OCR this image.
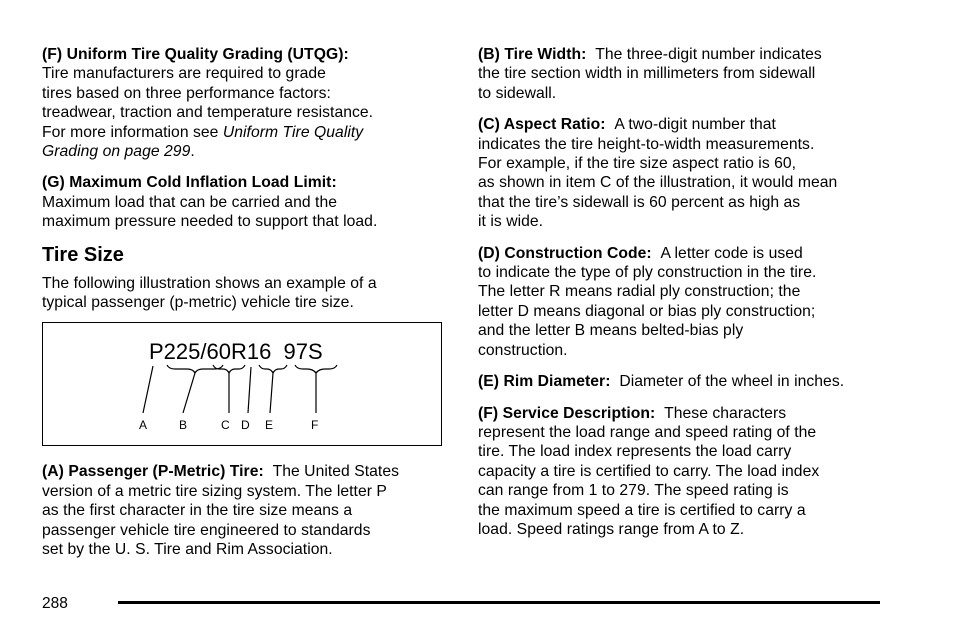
(F) Uniform Tire Quality Grading (UTQG):
Tire manufacturers are required to grade
tires based on three performance factors:
treadwear, traction and temperature resistance.
For more information see Uniform Tire Quality
Grading on page 299.

(G) Maximum Cold Inflation Load Limit:
Maximum load that can be carried and the
maximum pressure needed to support that load.

Tire Size

The following illustration shows an example of a
typical passenger (p-metric) vehicle tire size.

P225/60R16  97S
A	B	C D E	F

(A) Passenger (P-Metric) Tire: The United States
version of a metric tire sizing system. The letter P
as the first character in the tire size means a
passenger vehicle tire engineered to standards
set by the U. S. Tire and Rim Association.

(B) Tire Width: The three-digit number indicates
the tire section width in millimeters from sidewall
to sidewall.

(C) Aspect Ratio: A two-digit number that
indicates the tire height-to-width measurements.
For example, if the tire size aspect ratio is 60,
as shown in item C of the illustration, it would mean
that the tire’s sidewall is 60 percent as high as
it is wide.

(D) Construction Code: A letter code is used
to indicate the type of ply construction in the tire.
The letter R means radial ply construction; the
letter D means diagonal or bias ply construction;
and the letter B means belted-bias ply
construction.

(E) Rim Diameter: Diameter of the wheel in inches.

(F) Service Description: These characters
represent the load range and speed rating of the
tire. The load index represents the load carry
capacity a tire is certified to carry. The load index
can range from 1 to 279. The speed rating is
the maximum speed a tire is certified to carry a
load. Speed ratings range from A to Z.

288
